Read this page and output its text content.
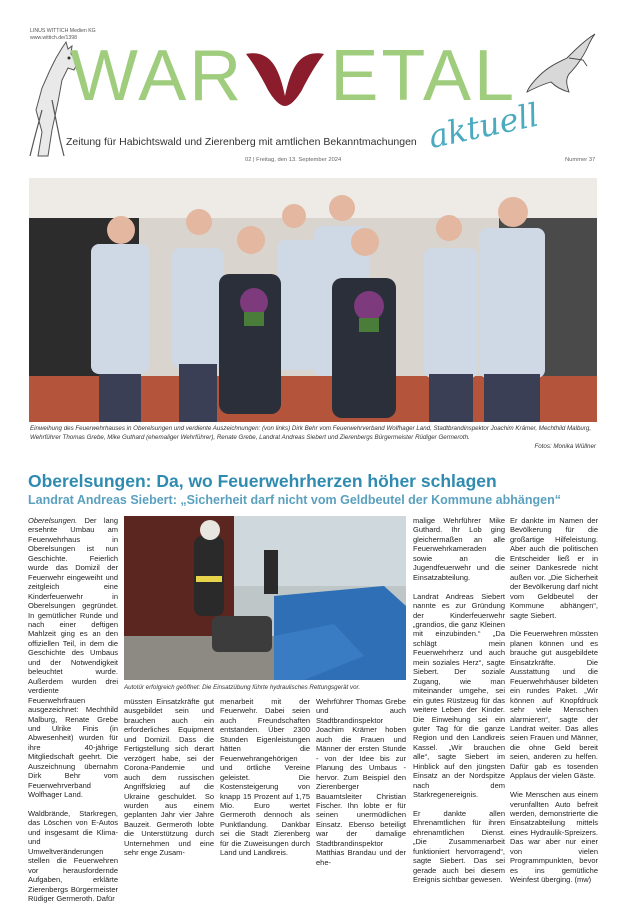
LINUS WITTICH Medien KG
www.wittich.de/1398
WAR ETAL
Zeitung für Habichtswald und Zierenberg mit amtlichen Bekanntmachungen aktuell
02 | Freitag, den 13. September 2024	Nummer 37
Einweihung des Feuerwehrhauses in Oberelsungen und verdiente Auszeichnungen: (von links) Dirk Behr vom Feuerwehrverband Wolfhager Land, Stadtbrandinspektor Joachim Krämer, Mechthild Malburg, Wehrführer Thomas Grebe, Mike Guthard (ehemaliger Wehrführer), Renate Grebe, Landrat Andreas Siebert und Zierenbergs Bürgermeister Rüdiger Germeroth.
Fotos: Monika Wüllner
Oberelsungen: Da, wo Feuerwehrherzen höher schlagen
Landrat Andreas Siebert: „Sicherheit darf nicht vom Geldbeutel der Kommune abhängen“

Oberelsungen. Der lang ersehnte Umbau am Feuerwehrhaus in Oberelsungen ist nun Geschichte. Feierlich wurde das Domizil der Feuerwehr eingeweiht und zeitgleich eine Kinderfeuerwehr in Oberelsungen gegründet. In gemütlicher Runde und nach einer deftigen Mahlzeit ging es an den offiziellen Teil, in dem die Geschichte des Umbaus und der Notwendigkeit beleuchtet wurde. Außerdem wurden drei verdiente Feuerwehrfrauen ausgezeichnet: Mechthild Malburg, Renate Grebe und Ulrike Finis (in Abwesenheit) wurden für ihre 40-jährige Mitgliedschaft geehrt. Die Auszeichnung übernahm Dirk Behr vom Feuerwehrverband Wolfhager Land.

Waldbrände, Starkregen, das Löschen von E-Autos und insgesamt die Klima- und Umweltveränderungen stellen die Feuerwehren vor herausfordernde Aufgaben, erklärte Zierenbergs Bürgermeister Rüdiger Germeroth. Dafür

Autotür erfolgreich geöffnet: Die Einsatzübung führte hydraulisches Rettungsgerät vor.

müssten Einsatzkräfte gut ausgebildet sein und brauchen auch ein erforderliches Equipment und Domizil. Dass die Fertigstellung sich derart verzögert habe, sei der Corona-Pandemie und auch dem russischen Angriffskrieg auf die Ukraine geschuldet. So wurden aus einem geplanten Jahr vier Jahre Bauzeit. Germeroth lobte die Unterstützung durch Unternehmen und eine sehr enge Zusam-

menarbeit mit der Feuerwehr. Dabei seien auch Freundschaften entstanden. Über 2300 Stunden Eigenleistungen hätten die Feuerwehrangehörigen und örtliche Vereine geleistet. Die Kostensteigerung von knapp 15 Prozent auf 1,75 Mio. Euro wertet Germeroth dennoch als Punktlandung. Dankbar sei die Stadt Zierenberg für die Zuweisungen durch Land und Landkreis.

Wehrführer Thomas Grebe und auch Stadtbrandinspektor Joachim Krämer hoben auch die Frauen und Männer der ersten Stunde - von der Idee bis zur Planung des Umbaus - hervor. Zum Beispiel den Zierenberger Bauamtsleiter Christian Fischer. Ihn lobte er für seinen unermüdlichen Einsatz. Ebenso beteiligt war der damalige Stadtbrandinspektor Matthias Brandau und der ehe-

malige Wehrführer Mike Guthard. Ihr Lob ging gleichermaßen an alle Feuerwehrkameraden sowie an die Jugendfeuerwehr und die Einsatzabteilung.

Landrat Andreas Siebert nannte es zur Gründung der Kinderfeuerwehr „grandios, die ganz Kleinen mit einzubinden.“ „Da schlägt mein Feuerwehrherz und auch mein soziales Herz“, sagte Siebert. Der soziale Zugang, wie man miteinander umgehe, sei ein gutes Rüstzeug für das weitere Leben der Kinder. Die Einweihung sei ein guter Tag für die ganze Region und den Landkreis Kassel. „Wir brauchen alle“, sagte Siebert im Hinblick auf den jüngsten Einsatz an der Nordspitze nach dem Starkregenereignis.

Er dankte allen Ehrenamtlichen für ihren ehrenamtlichen Dienst. „Die Zusammenarbeit funktioniert hervorragend“, sagte Siebert. Das sei gerade auch bei diesem Ereignis sichtbar gewesen.

Er dankte im Namen der Bevölkerung für die großartige Hilfeleistung. Aber auch die politischen Entscheider ließ er in seiner Dankesrede nicht außen vor. „Die Sicherheit der Bevölkerung darf nicht vom Geldbeutel der Kommune abhängen“, sagte Siebert.

Die Feuerwehren müssten planen können und es brauche gut ausgebildete Einsatzkräfte. Die Ausstattung und die Feuerwehrhäuser bildeten ein rundes Paket. „Wir können auf Knopfdruck sehr viele Menschen alarmieren“, sagte der Landrat weiter. Das alles seien Frauen und Männer, die ohne Geld bereit seien, anderen zu helfen. Dafür gab es tosenden Applaus der vielen Gäste.

Wie Menschen aus einem verunfallten Auto befreit werden, demonstrierte die Einsatzabteilung mittels eines Hydraulik-Spreizers. Das war aber nur einer von vielen Programmpunkten, bevor es ins gemütliche Weinfest überging. (mw)
